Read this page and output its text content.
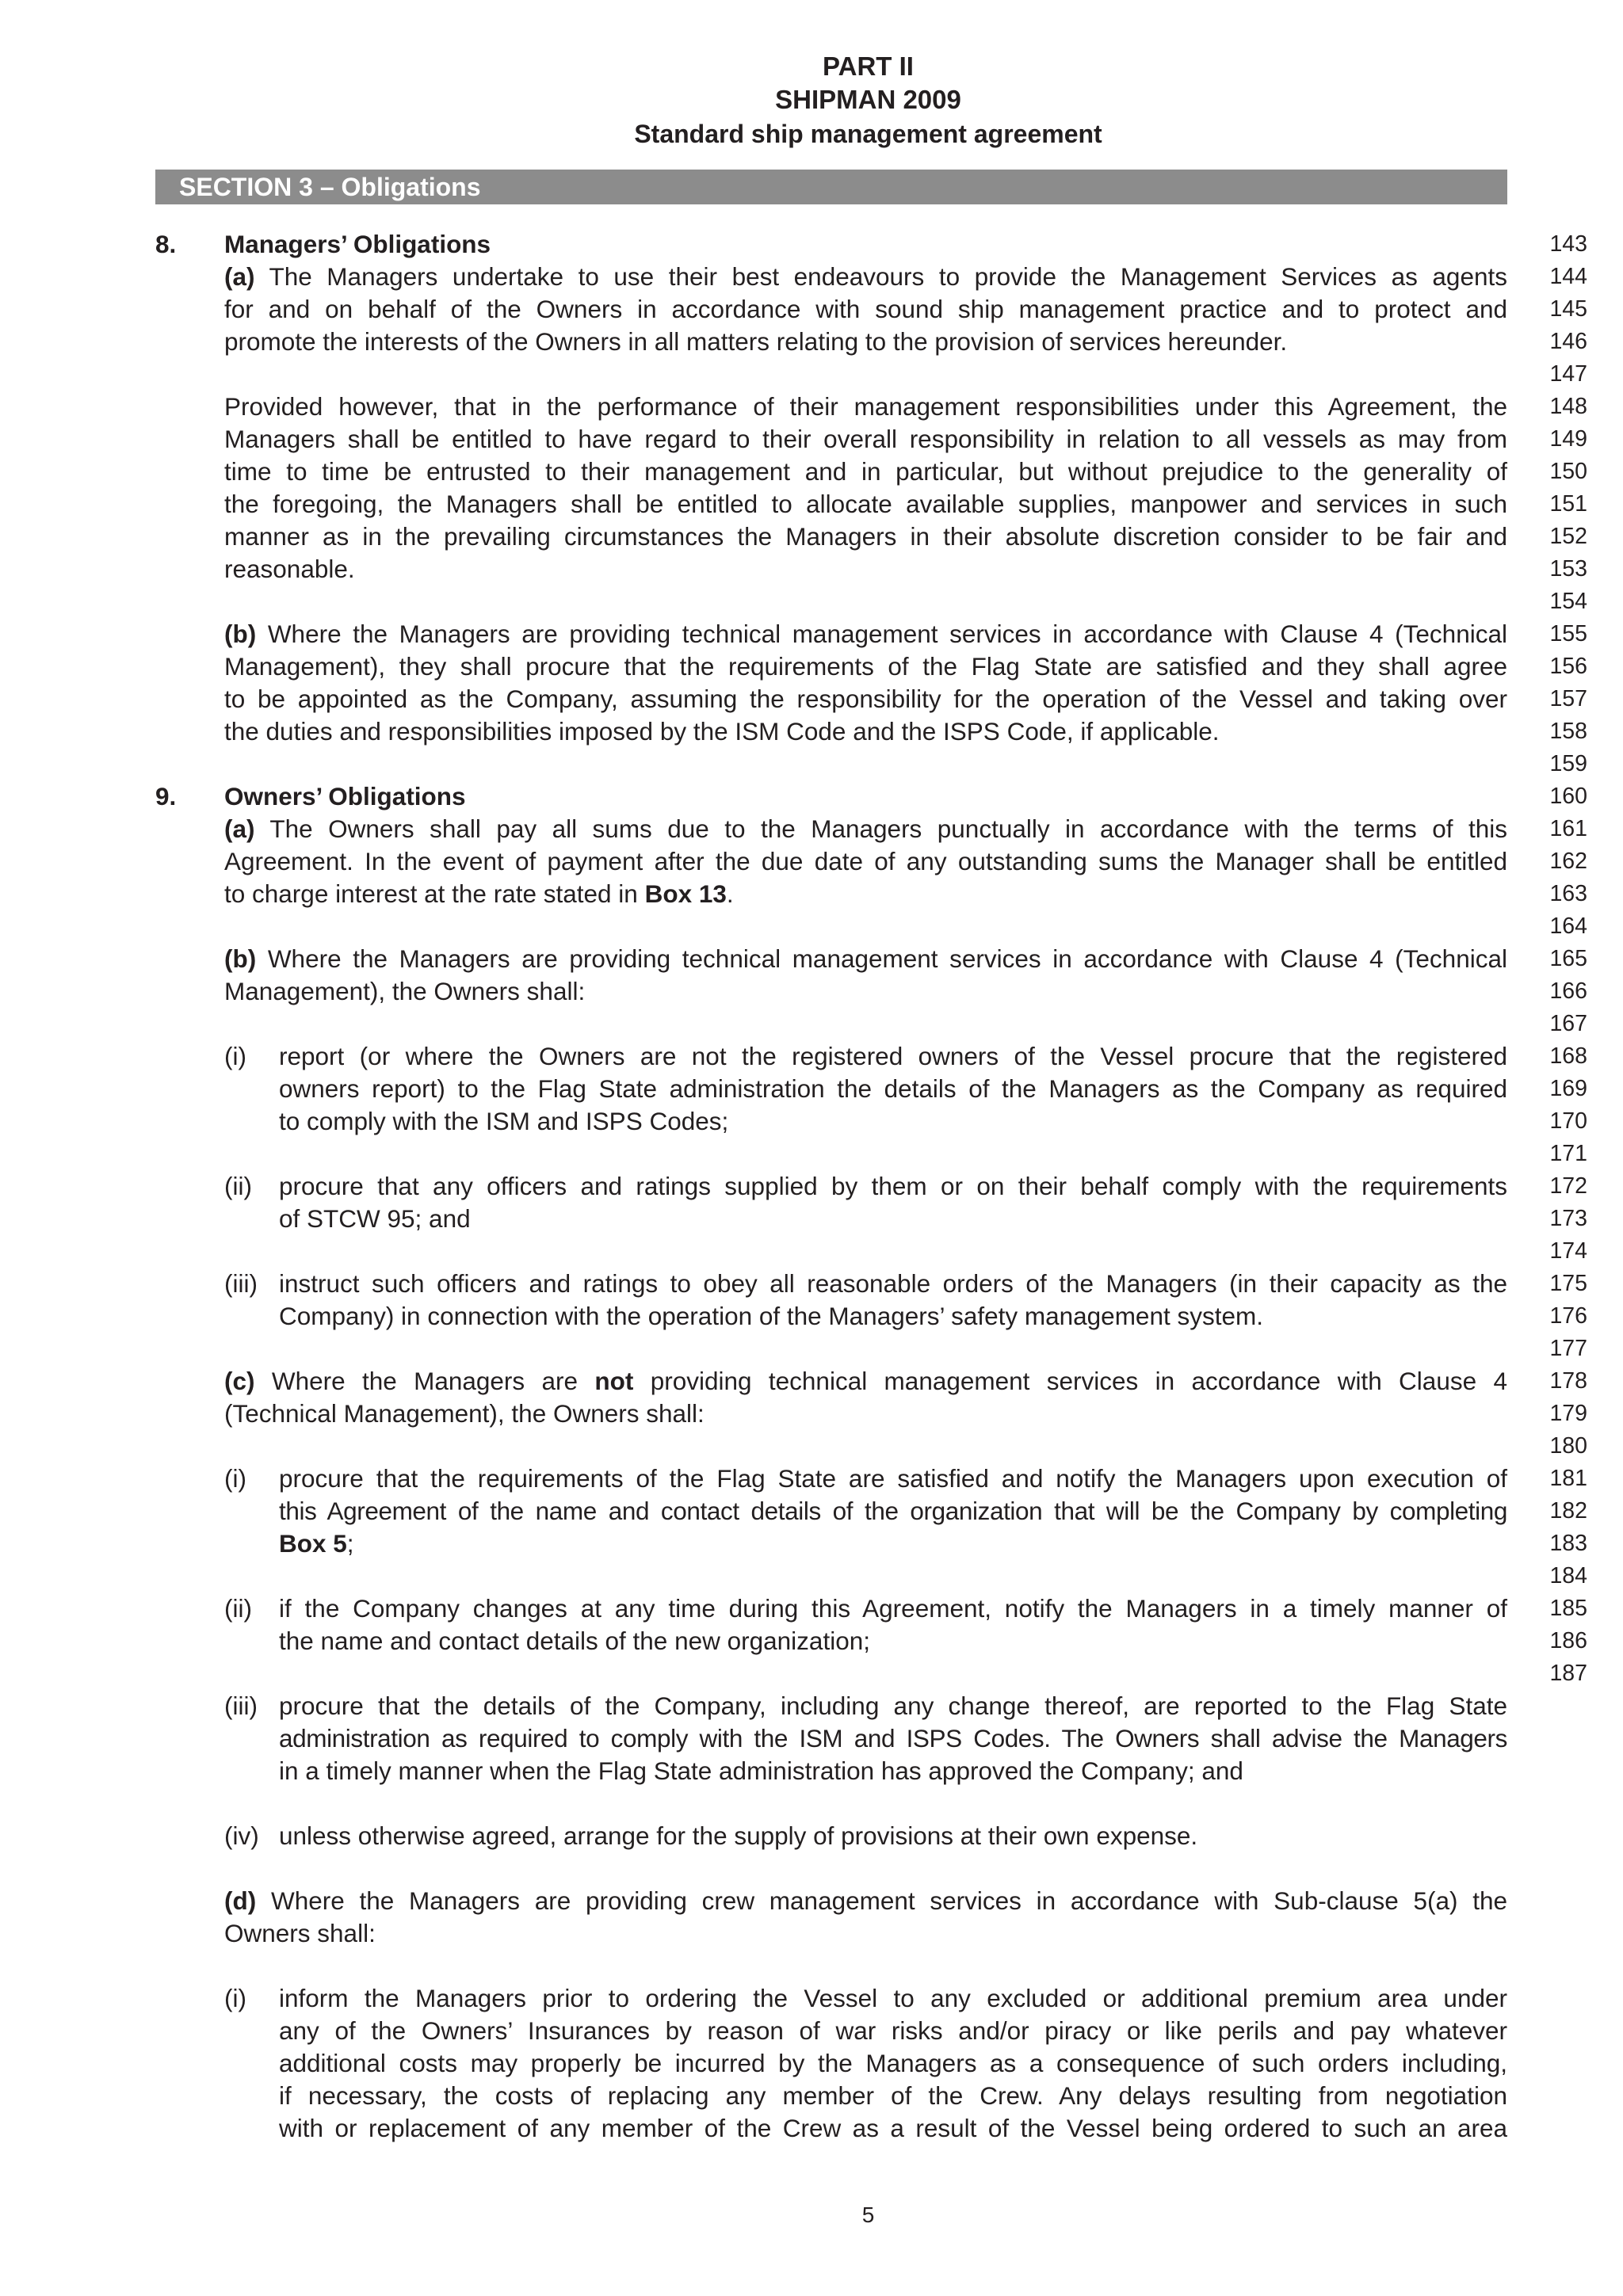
PART II
SHIPMAN 2009
Standard ship management agreement
SECTION 3 – Obligations
8. Managers’ Obligations
(a) The Managers undertake to use their best endeavours to provide the Management Services as agents
for and on behalf of the Owners in accordance with sound ship management practice and to protect and
promote the interests of the Owners in all matters relating to the provision of services hereunder.
Provided however, that in the performance of their management responsibilities under this Agreement, the
Managers shall be entitled to have regard to their overall responsibility in relation to all vessels as may from
time to time be entrusted to their management and in particular, but without prejudice to the generality of
the foregoing, the Managers shall be entitled to allocate available supplies, manpower and services in such
manner as in the prevailing circumstances the Managers in their absolute discretion consider to be fair and
reasonable.
(b) Where the Managers are providing technical management services in accordance with Clause 4 (Technical
Management), they shall procure that the requirements of the Flag State are satisfied and they shall agree
to be appointed as the Company, assuming the responsibility for the operation of the Vessel and taking over
the duties and responsibilities imposed by the ISM Code and the ISPS Code, if applicable.
9. Owners’ Obligations
(a) The Owners shall pay all sums due to the Managers punctually in accordance with the terms of this
Agreement. In the event of payment after the due date of any outstanding sums the Manager shall be entitled
to charge interest at the rate stated in Box 13.
(b) Where the Managers are providing technical management services in accordance with Clause 4 (Technical
Management), the Owners shall:
(i) report (or where the Owners are not the registered owners of the Vessel procure that the registered
owners report) to the Flag State administration the details of the Managers as the Company as required
to comply with the ISM and ISPS Codes;
(ii) procure that any officers and ratings supplied by them or on their behalf comply with the requirements
of STCW 95; and
(iii) instruct such officers and ratings to obey all reasonable orders of the Managers (in their capacity as the
Company) in connection with the operation of the Managers’ safety management system.
(c) Where the Managers are not providing technical management services in accordance with Clause 4
(Technical Management), the Owners shall:
(i) procure that the requirements of the Flag State are satisfied and notify the Managers upon execution of
this Agreement of the name and contact details of the organization that will be the Company by completing
Box 5;
(ii) if the Company changes at any time during this Agreement, notify the Managers in a timely manner of
the name and contact details of the new organization;
(iii) procure that the details of the Company, including any change thereof, are reported to the Flag State
administration as required to comply with the ISM and ISPS Codes. The Owners shall advise the Managers
in a timely manner when the Flag State administration has approved the Company; and
(iv) unless otherwise agreed, arrange for the supply of provisions at their own expense.
(d) Where the Managers are providing crew management services in accordance with Sub-clause 5(a) the
Owners shall:
(i) inform the Managers prior to ordering the Vessel to any excluded or additional premium area under
any of the Owners’ Insurances by reason of war risks and/or piracy or like perils and pay whatever
additional costs may properly be incurred by the Managers as a consequence of such orders including,
if necessary, the costs of replacing any member of the Crew. Any delays resulting from negotiation
with or replacement of any member of the Crew as a result of the Vessel being ordered to such an area
143
144
145
146
147
148
149
150
151
152
153
154
155
156
157
158
159
160
161
162
163
164
165
166
167
168
169
170
171
172
173
174
175
176
177
178
179
180
181
182
183
184
185
186
187
5
